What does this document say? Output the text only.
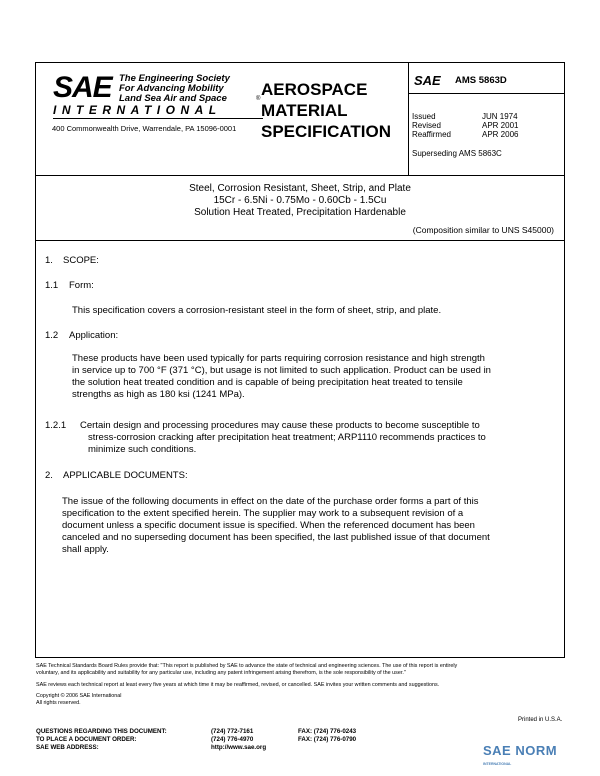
SAE The Engineering Society
For Advancing Mobility
Land Sea Air and Space	®
INTERNATIONAL
400 Commonwealth Drive, Warrendale, PA 15096-0001
AEROSPACE
MATERIAL
SPECIFICATION
SAE AMS 5863D
Issued	JUN 1974
Revised	APR 2001
Reaffirmed	APR 2006
Superseding AMS 5863C
Steel, Corrosion Resistant, Sheet, Strip, and Plate
15Cr - 6.5Ni - 0.75Mo - 0.60Cb - 1.5Cu
Solution Heat Treated, Precipitation Hardenable
(Composition similar to UNS S45000)
1. SCOPE:
1.1 Form:
This specification covers a corrosion-resistant steel in the form of sheet, strip, and plate.
1.2 Application:
These products have been used typically for parts requiring corrosion resistance and high strength
in service up to 700 °F (371 °C), but usage is not limited to such application. Product can be used in
the solution heat treated condition and is capable of being precipitation heat treated to tensile
strengths as high as 180 ksi (1241 MPa).
1.2.1 Certain design and processing procedures may cause these products to become susceptible to
stress-corrosion cracking after precipitation heat treatment; ARP1110 recommends practices to
minimize such conditions.
2. APPLICABLE DOCUMENTS:
The issue of the following documents in effect on the date of the purchase order forms a part of this
specification to the extent specified herein. The supplier may work to a subsequent revision of a
document unless a specific document issue is specified. When the referenced document has been
canceled and no superseding document has been specified, the last published issue of that document
shall apply.
SAE Technical Standards Board Rules provide that: "This report is published by SAE to advance the state of technical and engineering sciences. The use of this report is entirely
voluntary, and its applicability and suitability for any particular use, including any patent infringement arising therefrom, is the sole responsibility of the user."
SAE reviews each technical report at least every five years at which time it may be reaffirmed, revised, or cancelled. SAE invites your written comments and suggestions.
Copyright © 2006 SAE International
All rights reserved.
Printed in U.S.A.
QUESTIONS REGARDING THIS DOCUMENT:	(724) 772-7161	FAX: (724) 776-0243
TO PLACE A DOCUMENT ORDER:	(724) 776-4970	FAX: (724) 776-0790
SAE WEB ADDRESS:	http://www.sae.org	SAE NORM
INTERNATIONAL
